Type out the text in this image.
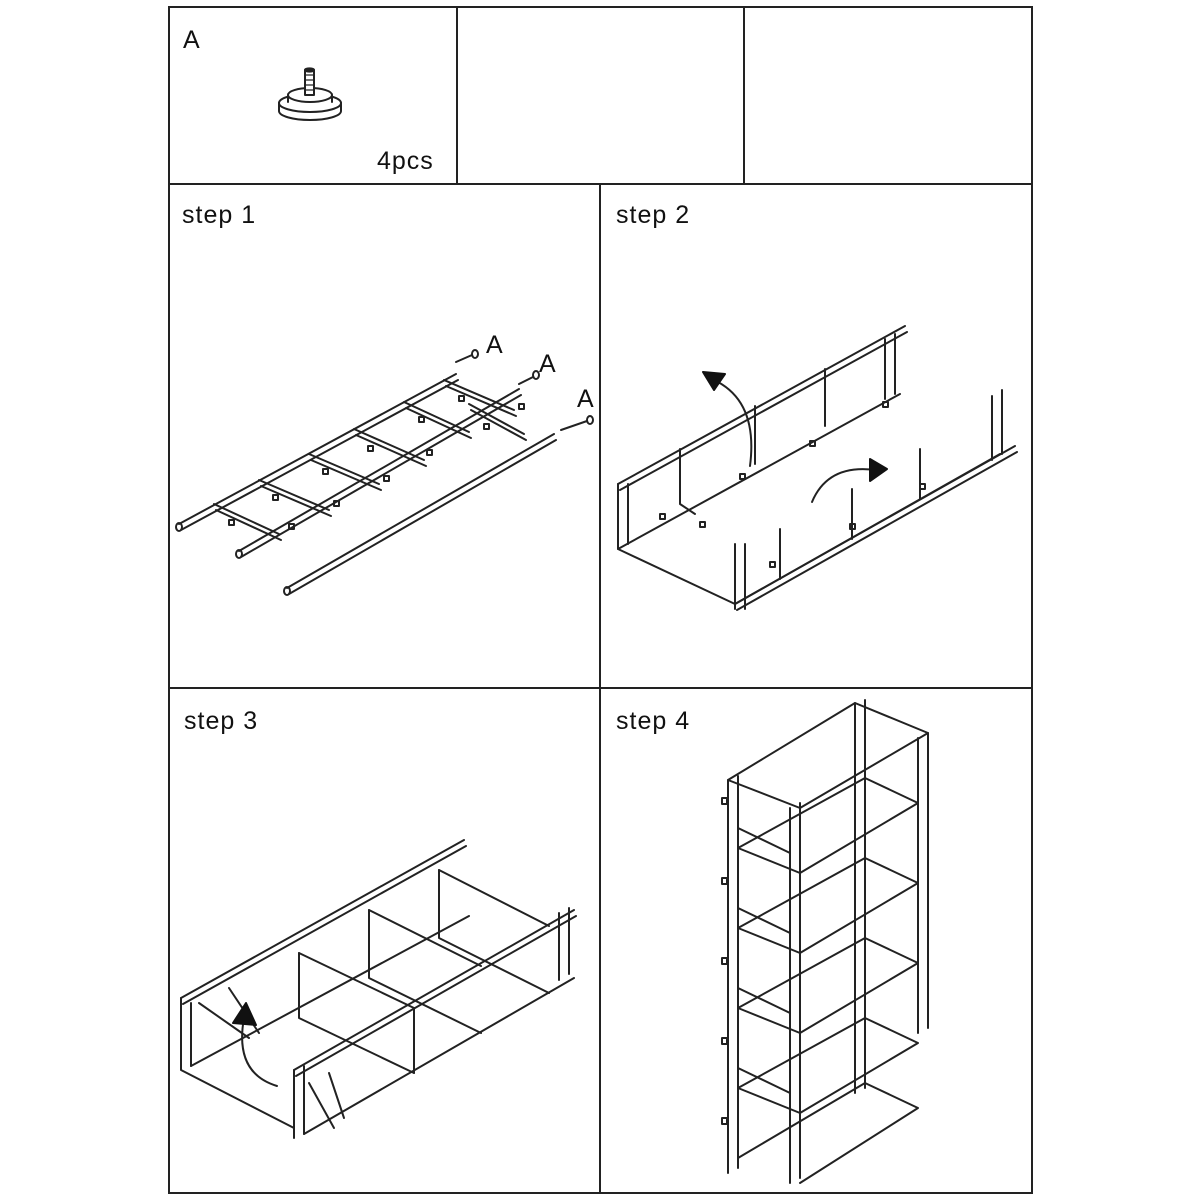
A
4pcs
step 1
A
A
A
step 2
step 3	step 4
